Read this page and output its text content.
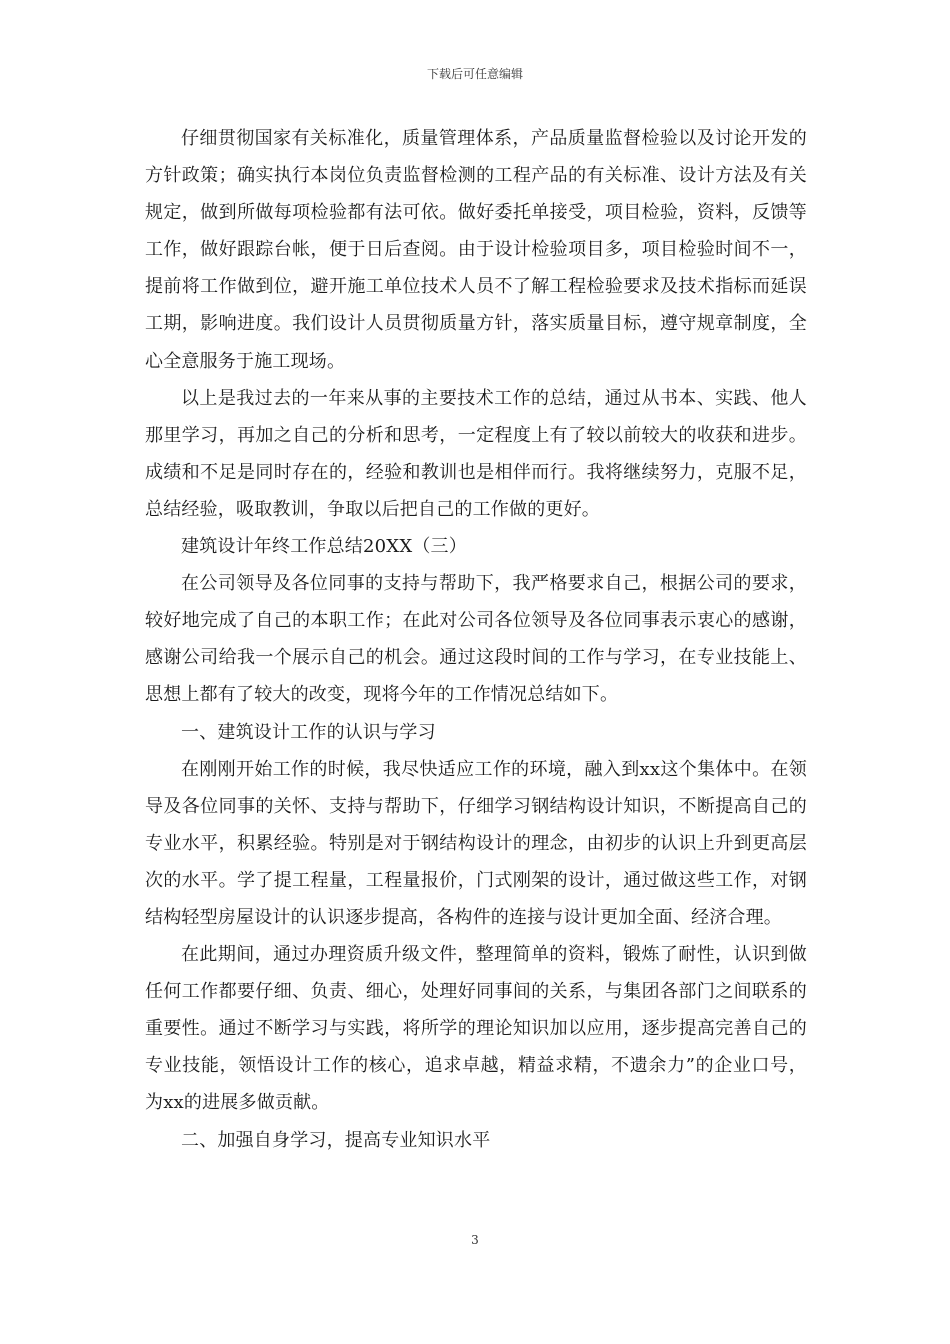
下载后可任意编辑

仔细贯彻国家有关标准化，质量管理体系，产品质量监督检验以及讨论开发的方针政策；确实执行本岗位负责监督检测的工程产品的有关标准、设计方法及有关规定，做到所做每项检验都有法可依。做好委托单接受，项目检验，资料，反馈等工作，做好跟踪台帐，便于日后查阅。由于设计检验项目多，项目检验时间不一，提前将工作做到位，避开施工单位技术人员不了解工程检验要求及技术指标而延误工期，影响进度。我们设计人员贯彻质量方针，落实质量目标，遵守规章制度，全心全意服务于施工现场。

以上是我过去的一年来从事的主要技术工作的总结，通过从书本、实践、他人那里学习，再加之自己的分析和思考，一定程度上有了较以前较大的收获和进步。成绩和不足是同时存在的，经验和教训也是相伴而行。我将继续努力，克服不足，总结经验，吸取教训，争取以后把自己的工作做的更好。

建筑设计年终工作总结20XX（三）

在公司领导及各位同事的支持与帮助下，我严格要求自己，根据公司的要求，较好地完成了自己的本职工作；在此对公司各位领导及各位同事表示衷心的感谢，感谢公司给我一个展示自己的机会。通过这段时间的工作与学习，在专业技能上、思想上都有了较大的改变，现将今年的工作情况总结如下。

一、建筑设计工作的认识与学习

在刚刚开始工作的时候，我尽快适应工作的环境，融入到xx这个集体中。在领导及各位同事的关怀、支持与帮助下，仔细学习钢结构设计知识，不断提高自己的专业水平，积累经验。特别是对于钢结构设计的理念，由初步的认识上升到更高层次的水平。学了提工程量，工程量报价，门式刚架的设计，通过做这些工作，对钢结构轻型房屋设计的认识逐步提高，各构件的连接与设计更加全面、经济合理。

在此期间，通过办理资质升级文件，整理简单的资料，锻炼了耐性，认识到做任何工作都要仔细、负责、细心，处理好同事间的关系，与集团各部门之间联系的重要性。通过不断学习与实践，将所学的理论知识加以应用，逐步提高完善自己的专业技能，领悟设计工作的核心，追求卓越，精益求精，不遗余力”的企业口号，为xx的进展多做贡献。

二、加强自身学习，提高专业知识水平

3
